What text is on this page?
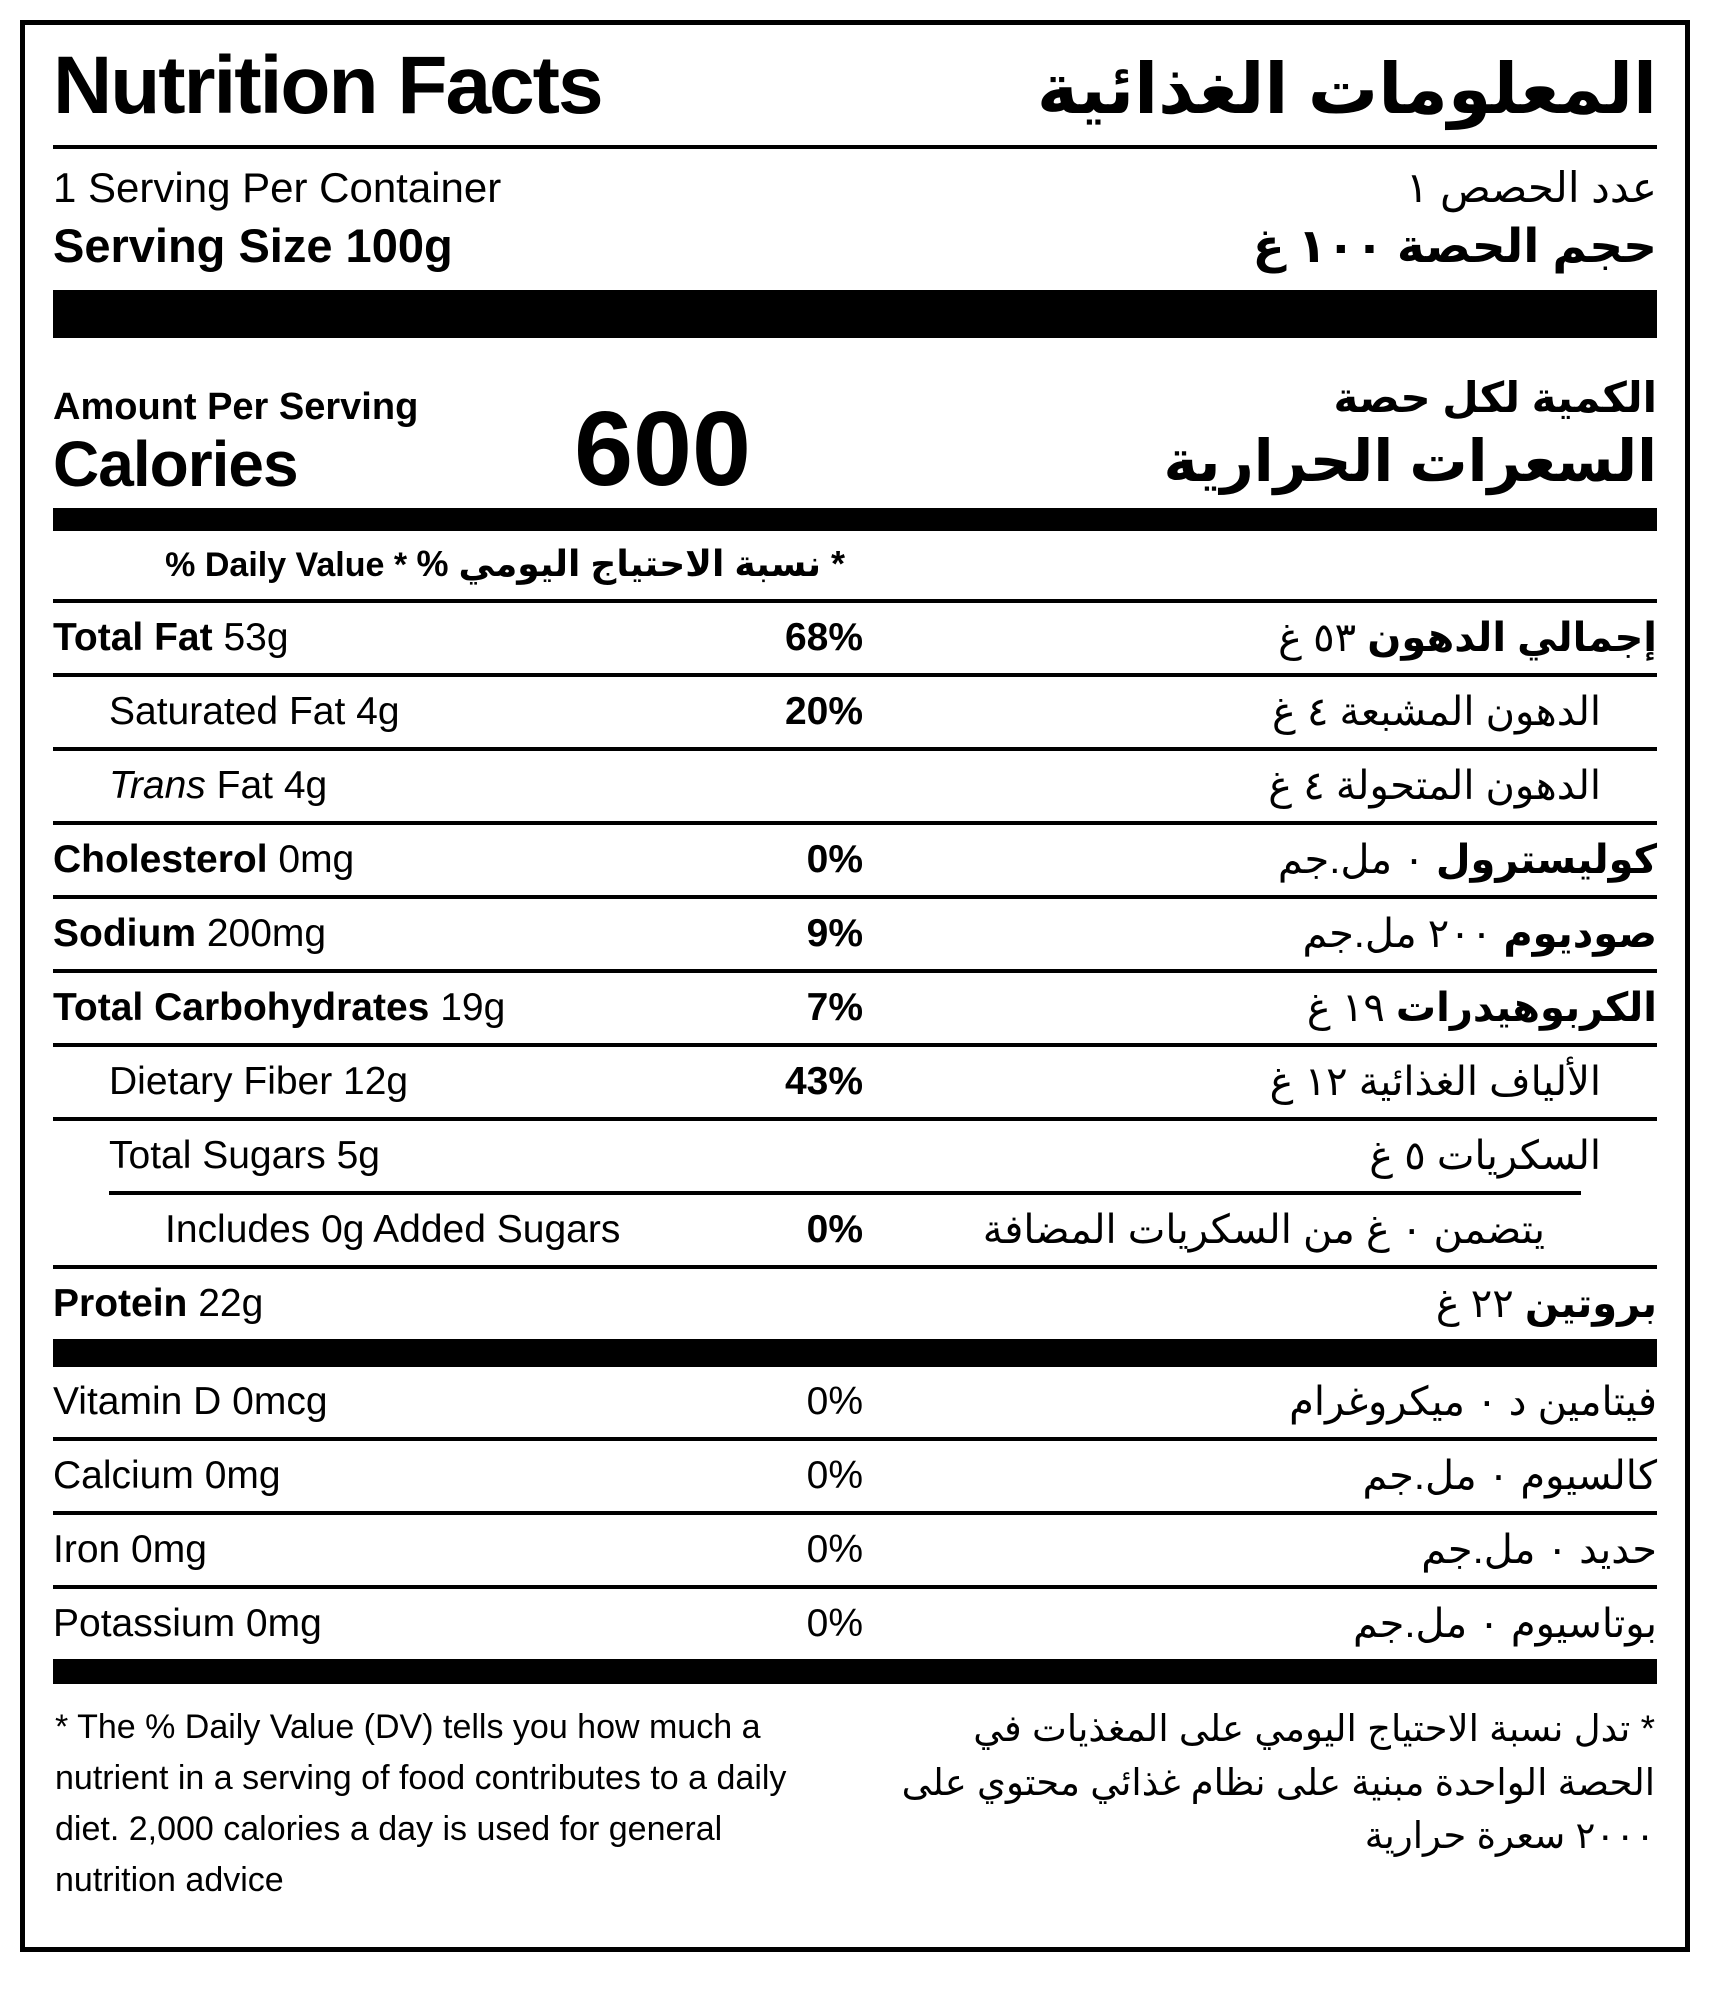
Nutrition Facts	المعلومات الغذائية
1 Serving Per Container	عدد الحصص ١
Serving Size 100g	حجم الحصة ١٠٠ غ
Amount Per Serving
Calories	600	الكمية لكل حصة
السعرات الحرارية
% Daily Value * * نسبة الاحتياج اليومي %
Total Fat 53g	68%	إجمالي الدهون ٥٣ غ
Saturated Fat 4g	20%	الدهون المشبعة ٤ غ
Trans Fat 4g	الدهون المتحولة ٤ غ
Cholesterol 0mg	0%	كوليسترول ٠ مل.جم
Sodium 200mg	9%	صوديوم ٢٠٠ مل.جم
Total Carbohydrates 19g	7%	الكربوهيدرات ١٩ غ
Dietary Fiber 12g	43%	الألياف الغذائية ١٢ غ
Total Sugars 5g	السكريات ٥ غ
Includes 0g Added Sugars	0%	يتضمن ٠ غ من السكريات المضافة
Protein 22g	بروتين ٢٢ غ
Vitamin D 0mcg	0%	فيتامين د ٠ ميكروغرام
Calcium 0mg	0%	كالسيوم ٠ مل.جم
Iron 0mg	0%	حديد ٠ مل.جم
Potassium 0mg	0%	بوتاسيوم ٠ مل.جم
* The % Daily Value (DV) tells you how much a nutrient in a serving of food contributes to a daily diet. 2,000 calories a day is used for general nutrition advice
* تدل نسبة الاحتياج اليومي على المغذيات في الحصة الواحدة مبنية على نظام غذائي محتوي على ٢٠٠٠ سعرة حرارية
